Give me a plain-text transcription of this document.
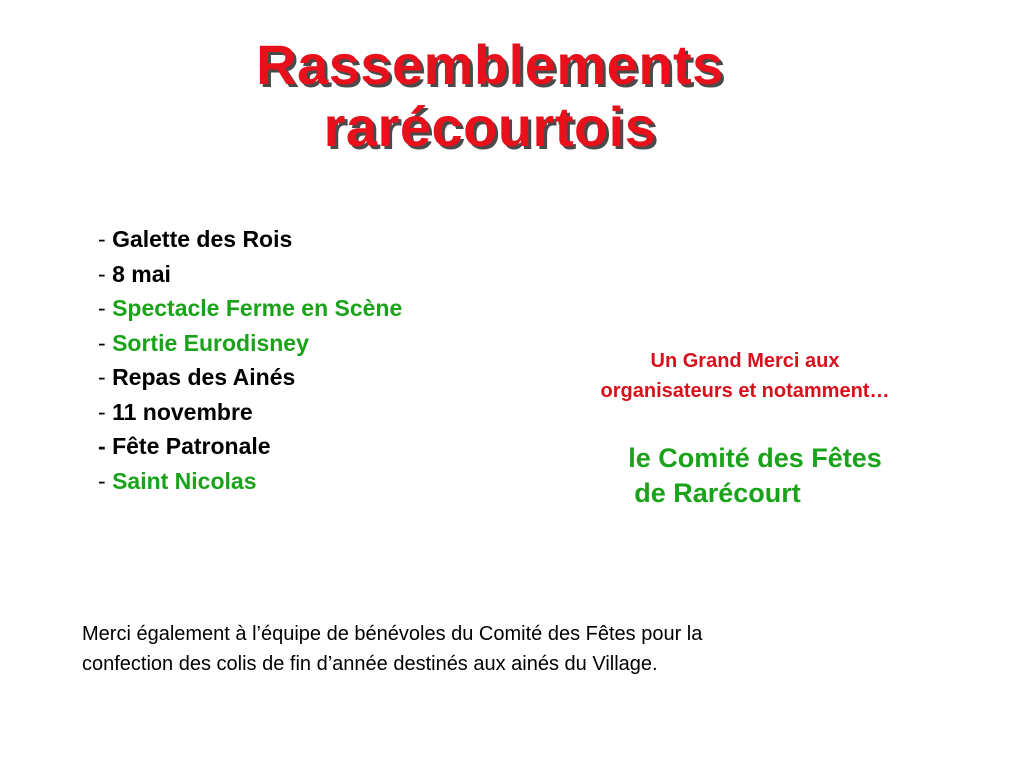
Rassemblements
rarécourtois
- Galette des Rois
- 8 mai
- Spectacle Ferme en Scène
- Sortie Eurodisney
- Repas des Ainés
- 11 novembre
- Fête Patronale
- Saint Nicolas
Un Grand Merci aux
organisateurs et notamment…
le Comité des Fêtes
de Rarécourt
Merci également à l’équipe de bénévoles du Comité des Fêtes pour la
confection des colis de fin d’année destinés aux ainés du Village.
